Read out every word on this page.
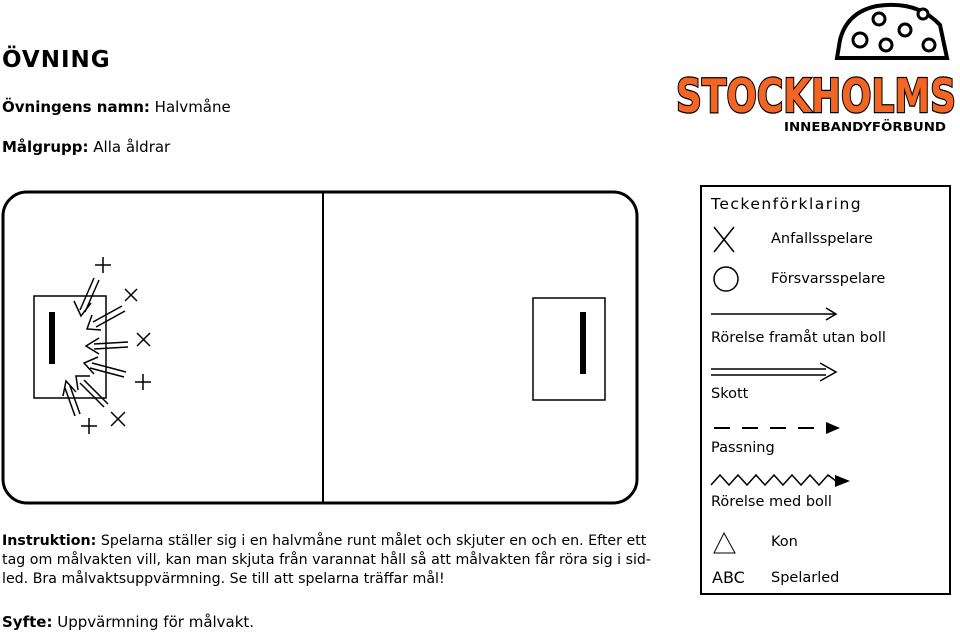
ÖVNING
Övningens namn: Halvmåne
Målgrupp: Alla åldrar
STOCKHOLMS
INNEBANDYFÖRBUND
Teckenförklaring
Anfallsspelare
Försvarsspelare
Rörelse framåt utan boll
Skott
Passning
Rörelse med boll
Kon
ABC Spelarled
Instruktion: Spelarna ställer sig i en halvmåne runt målet och skjuter en och en. Efter ett tag om målvakten vill, kan man skjuta från varannat håll så att målvakten får röra sig i sid-led. Bra målvaktsuppvärmning. Se till att spelarna träffar mål!
Syfte: Uppvärmning för målvakt.
